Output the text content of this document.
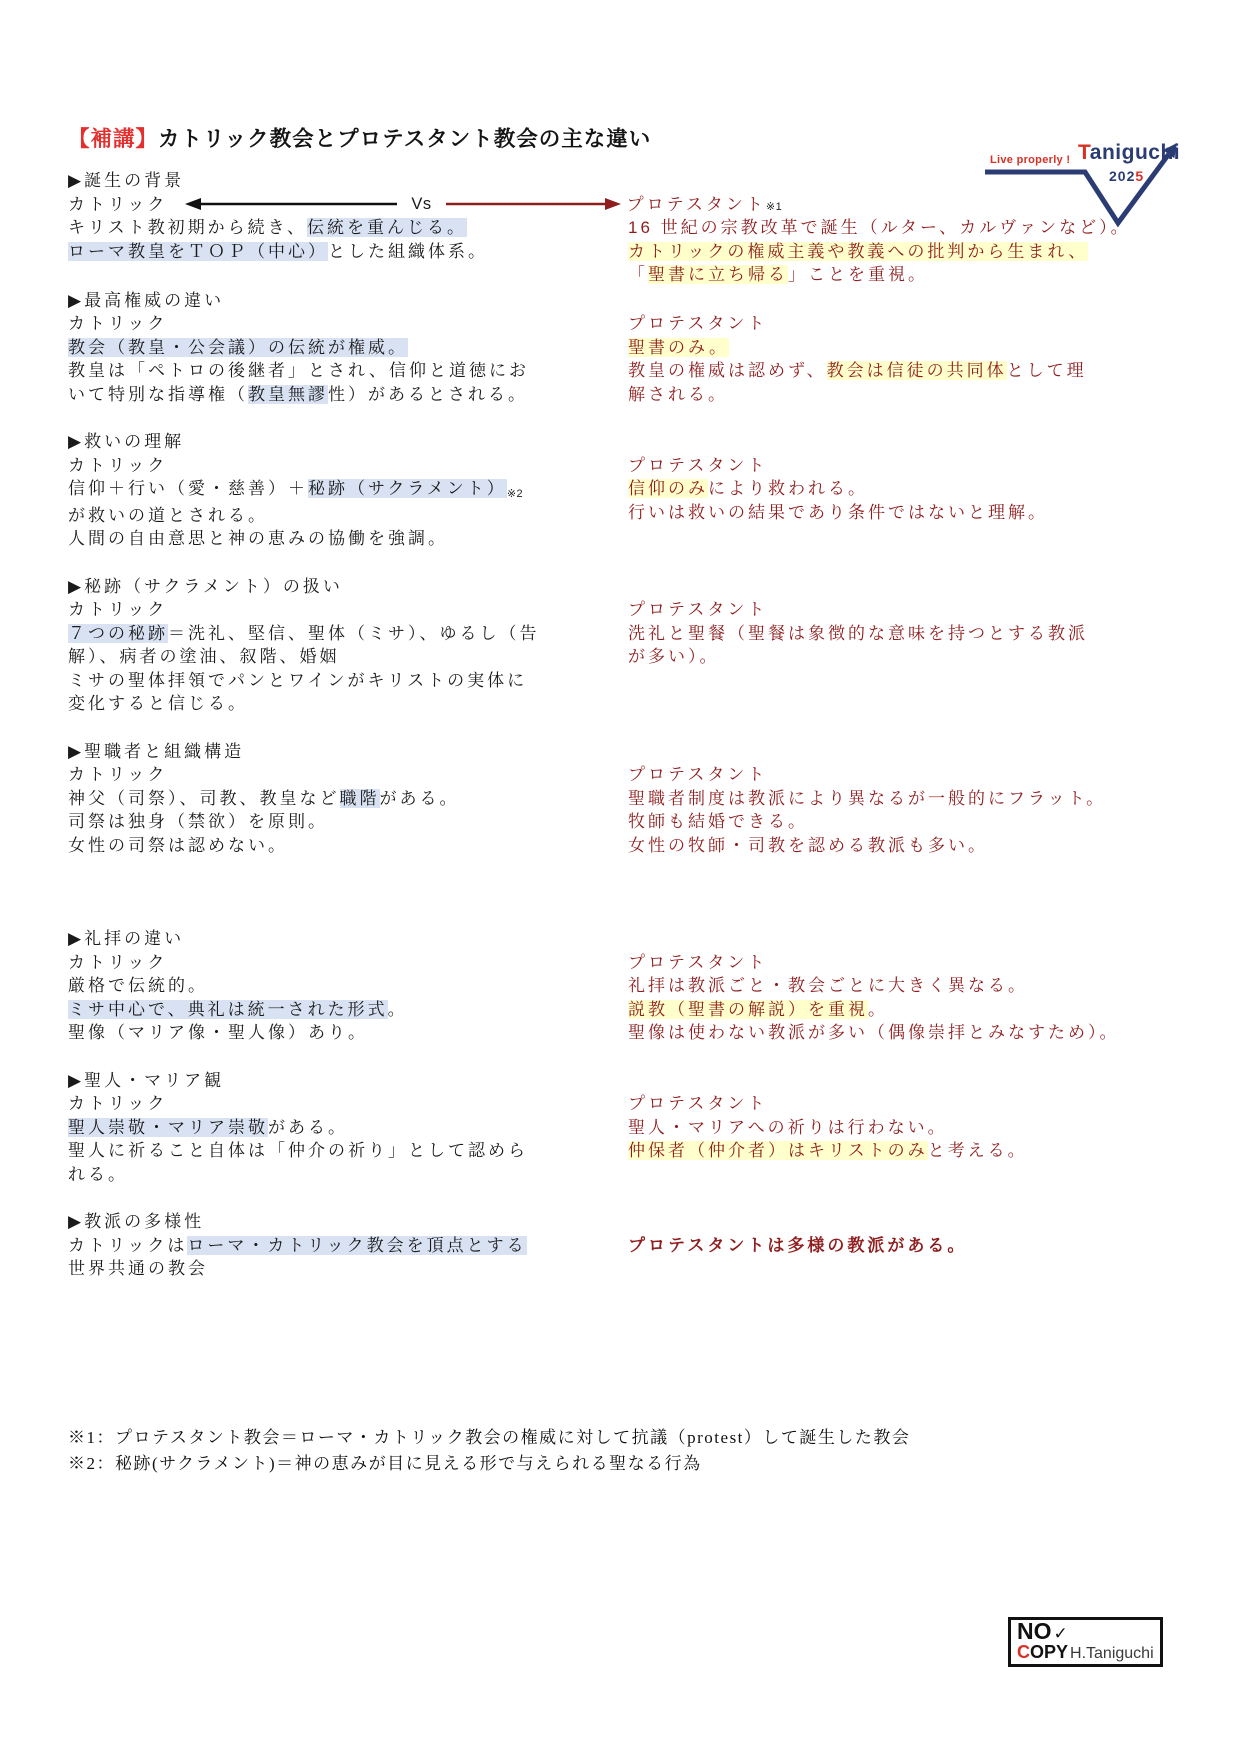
Live properly ! Taniguchi
2025
【補講】カトリック教会とプロテスタント教会の主な違い
▶誕生の背景
カトリック	Vs	プロテスタント ※1
キリスト教初期から続き、伝統を重んじる。
ローマ教皇をＴＯＰ（中心）とした組織体系。
16 世紀の宗教改革で誕生（ルター、カルヴァンなど）。
カトリックの権威主義や教義への批判から生まれ、
「聖書に立ち帰る」ことを重視。
▶最高権威の違い
カトリック
教会（教皇・公会議）の伝統が権威。
教皇は「ペトロの後継者」とされ、信仰と道徳にお
いて特別な指導権（教皇無謬性）があるとされる。
プロテスタント
聖書のみ。
教皇の権威は認めず、教会は信徒の共同体として理
解される。
▶救いの理解
カトリック
信仰＋行い（愛・慈善）＋秘跡（サクラメント）※2
が救いの道とされる。
人間の自由意思と神の恵みの協働を強調。
プロテスタント
信仰のみにより救われる。
行いは救いの結果であり条件ではないと理解。
▶秘跡（サクラメント）の扱い
カトリック
７つの秘跡＝洗礼、堅信、聖体（ミサ）、ゆるし（告
解）、病者の塗油、叙階、婚姻
ミサの聖体拝領でパンとワインがキリストの実体に
変化すると信じる。
プロテスタント
洗礼と聖餐（聖餐は象徴的な意味を持つとする教派
が多い）。
▶聖職者と組織構造
カトリック
神父（司祭）、司教、教皇など職階がある。
司祭は独身（禁欲）を原則。
女性の司祭は認めない。
プロテスタント
聖職者制度は教派により異なるが一般的にフラット。
牧師も結婚できる。
女性の牧師・司教を認める教派も多い。
▶礼拝の違い
カトリック
厳格で伝統的。
ミサ中心で、典礼は統一された形式。
聖像（マリア像・聖人像）あり。
プロテスタント
礼拝は教派ごと・教会ごとに大きく異なる。
説教（聖書の解説）を重視。
聖像は使わない教派が多い（偶像崇拝とみなすため）。
▶聖人・マリア観
カトリック
聖人崇敬・マリア崇敬がある。
聖人に祈ること自体は「仲介の祈り」として認めら
れる。
プロテスタント
聖人・マリアへの祈りは行わない。
仲保者（仲介者）はキリストのみと考える。
▶教派の多様性
カトリックはローマ・カトリック教会を頂点とする
世界共通の教会
プロテスタントは多様の教派がある。
※1：プロテスタント教会＝ローマ・カトリック教会の権威に対して抗議（protest）して誕生した教会
※2：秘跡(サクラメント)＝神の恵みが目に見える形で与えられる聖なる行為
NO ✓
COPY H.Taniguchi
